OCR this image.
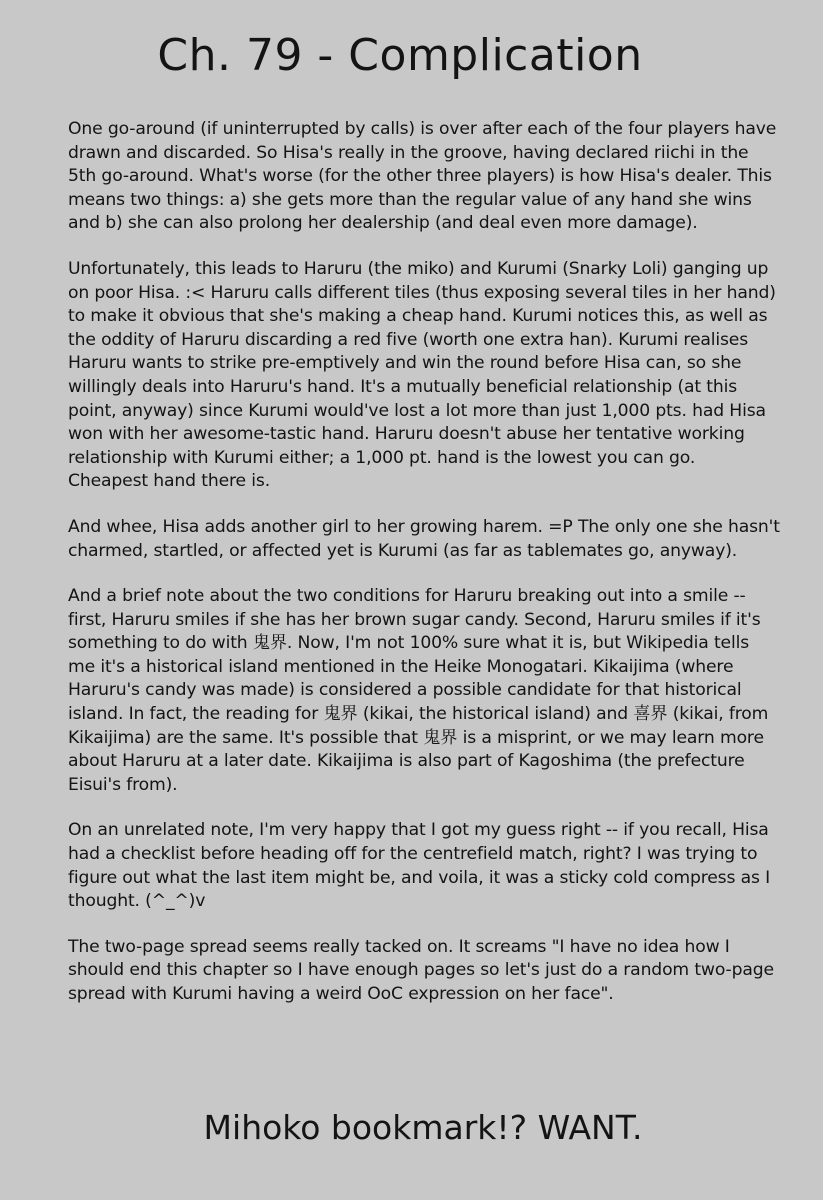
Ch. 79 - Complication

One go-around (if uninterrupted by calls) is over after each of the four players have drawn and discarded. So Hisa's really in the groove, having declared riichi in the 5th go-around. What's worse (for the other three players) is how Hisa's dealer. This means two things: a) she gets more than the regular value of any hand she wins and b) she can also prolong her dealership (and deal even more damage).

Unfortunately, this leads to Haruru (the miko) and Kurumi (Snarky Loli) ganging up on poor Hisa. :< Haruru calls different tiles (thus exposing several tiles in her hand) to make it obvious that she's making a cheap hand. Kurumi notices this, as well as the oddity of Haruru discarding a red five (worth one extra han). Kurumi realises Haruru wants to strike pre-emptively and win the round before Hisa can, so she willingly deals into Haruru's hand. It's a mutually beneficial relationship (at this point, anyway) since Kurumi would've lost a lot more than just 1,000 pts. had Hisa won with her awesome-tastic hand. Haruru doesn't abuse her tentative working relationship with Kurumi either; a 1,000 pt. hand is the lowest you can go. Cheapest hand there is.

And whee, Hisa adds another girl to her growing harem. =P The only one she hasn't charmed, startled, or affected yet is Kurumi (as far as tablemates go, anyway).

And a brief note about the two conditions for Haruru breaking out into a smile -- first, Haruru smiles if she has her brown sugar candy. Second, Haruru smiles if it's something to do with 鬼界. Now, I'm not 100% sure what it is, but Wikipedia tells me it's a historical island mentioned in the Heike Monogatari. Kikaijima (where Haruru's candy was made) is considered a possible candidate for that historical island. In fact, the reading for 鬼界 (kikai, the historical island) and 喜界 (kikai, from Kikaijima) are the same. It's possible that 鬼界 is a misprint, or we may learn more about Haruru at a later date. Kikaijima is also part of Kagoshima (the prefecture Eisui's from).

On an unrelated note, I'm very happy that I got my guess right -- if you recall, Hisa had a checklist before heading off for the centrefield match, right? I was trying to figure out what the last item might be, and voila, it was a sticky cold compress as I thought. (^_^)v

The two-page spread seems really tacked on. It screams "I have no idea how I should end this chapter so I have enough pages so let's just do a random two-page spread with Kurumi having a weird OoC expression on her face".

Mihoko bookmark!? WANT.
